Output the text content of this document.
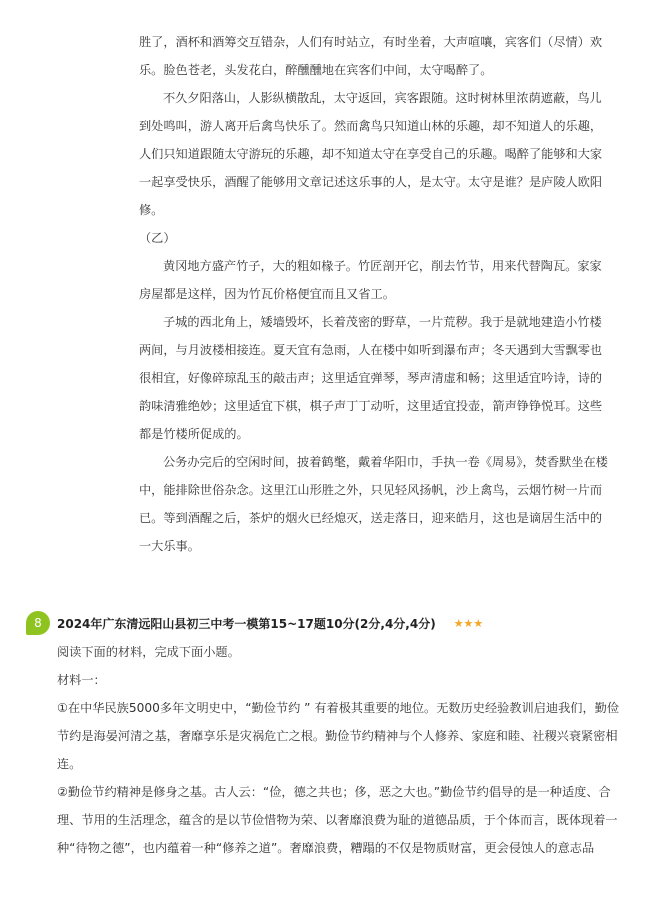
胜了，酒杯和酒筹交互错杂，人们有时站立，有时坐着，大声喧嚷，宾客们（尽情）欢乐。脸色苍老，头发花白，醉醺醺地在宾客们中间，太守喝醉了。

不久夕阳落山，人影纵横散乱，太守返回，宾客跟随。这时树林里浓荫遮蔽，鸟儿到处鸣叫，游人离开后禽鸟快乐了。然而禽鸟只知道山林的乐趣，却不知道人的乐趣，人们只知道跟随太守游玩的乐趣，却不知道太守在享受自己的乐趣。喝醉了能够和大家一起享受快乐，酒醒了能够用文章记述这乐事的人，是太守。太守是谁？是庐陵人欧阳修。

（乙）

黄冈地方盛产竹子，大的粗如椽子。竹匠剖开它，削去竹节，用来代替陶瓦。家家房屋都是这样，因为竹瓦价格便宜而且又省工。

子城的西北角上，矮墙毁坏，长着茂密的野草，一片荒秽。我于是就地建造小竹楼两间，与月波楼相接连。夏天宜有急雨，人在楼中如听到瀑布声；冬天遇到大雪飘零也很相宜，好像碎琼乱玉的敲击声；这里适宜弹琴，琴声清虚和畅；这里适宜吟诗，诗的韵味清雅绝妙；这里适宜下棋，棋子声丁丁动听，这里适宜投壶，箭声铮铮悦耳。这些都是竹楼所促成的。

公务办完后的空闲时间，披着鹤氅，戴着华阳巾，手执一卷《周易》，焚香默坐在楼中，能排除世俗杂念。这里江山形胜之外，只见轻风扬帆，沙上禽鸟，云烟竹树一片而已。等到酒醒之后，茶炉的烟火已经熄灭，送走落日，迎来皓月，这也是谪居生活中的一大乐事。

8	2024年广东清远阳山县初三中考一模第15~17题10分(2分,4分,4分) ★★★

阅读下面的材料，完成下面小题。

材料一：

①在中华民族5000多年文明史中，“勤俭节约 ” 有着极其重要的地位。无数历史经验教训启迪我们，勤俭节约是海晏河清之基，奢靡享乐是灾祸危亡之根。勤俭节约精神与个人修养、家庭和睦、社稷兴衰紧密相连。

②勤俭节约精神是修身之基。古人云：“俭，德之共也；侈，恶之大也。”勤俭节约倡导的是一种适度、合理、节用的生活理念，蕴含的是以节俭惜物为荣、以奢靡浪费为耻的道德品质，于个体而言，既体现着一种“待物之德”，也内蕴着一种“修养之道”。奢靡浪费，糟蹋的不仅是物质财富，更会侵蚀人的意志品
